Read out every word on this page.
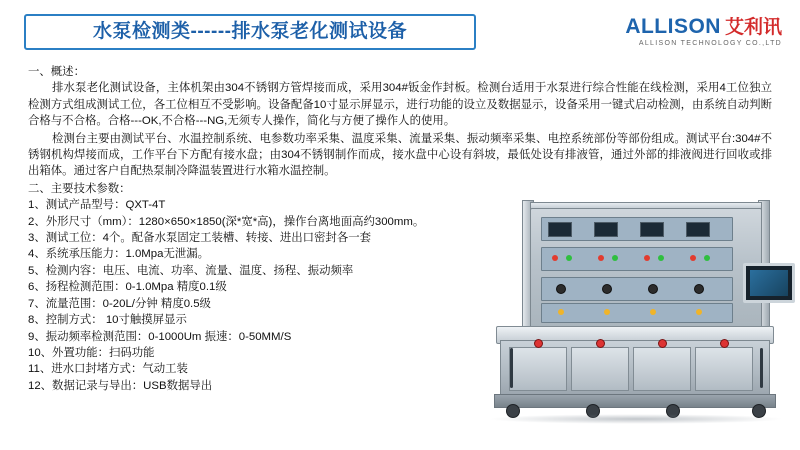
水泵检测类------排水泵老化测试设备	ALLISON 艾利讯
ALLISON TECHNOLOGY CO.,LTD

一、概述：

排水泵老化测试设备，主体机架由304不锈钢方管焊接而成，采用304#钣金作封板。检测台适用于水泵进行综合性能在线检测，采用4工位独立检测方式组成测试工位，各工位相互不受影响。设备配备10寸显示屏显示，进行功能的设立及数据显示，设备采用一键式启动检测，由系统自动判断合格与不合格。合格---OK,不合格---NG,无须专人操作，简化与方便了操作人的使用。

检测台主要由测试平台、水温控制系统、电参数功率采集、温度采集、流量采集、振动频率采集、电控系统部份等部份组成。测试平台:304#不锈钢机构焊接而成，工作平台下方配有接水盘；由304不锈钢制作而成，接水盘中心设有斜坡，最低处设有排液管，通过外部的排液阀进行回收或排出箱体。通过客户自配热泵制冷降温装置进行水箱水温控制。

二、主要技术参数：

1、测试产品型号：QXT-4T
2、外形尺寸（mm）：1280×650×1850(深*宽*高)，操作台离地面高约300mm。
3、测试工位：4个。配备水泵固定工装槽、转接、进出口密封各一套
4、系统承压能力：1.0Mpa无泄漏。
5、检测内容：电压、电流、功率、流量、温度、扬程、振动频率
6、扬程检测范围：0-1.0Mpa 精度0.1级
7、流量范围：0-20L/分钟 精度0.5级
8、控制方式： 10寸触摸屏显示
9、振动频率检测范围：0-1000Um 振速：0-50MM/S
10、外置功能：扫码功能
11、进水口封堵方式：气动工装
12、数据记录与导出：USB数据导出
